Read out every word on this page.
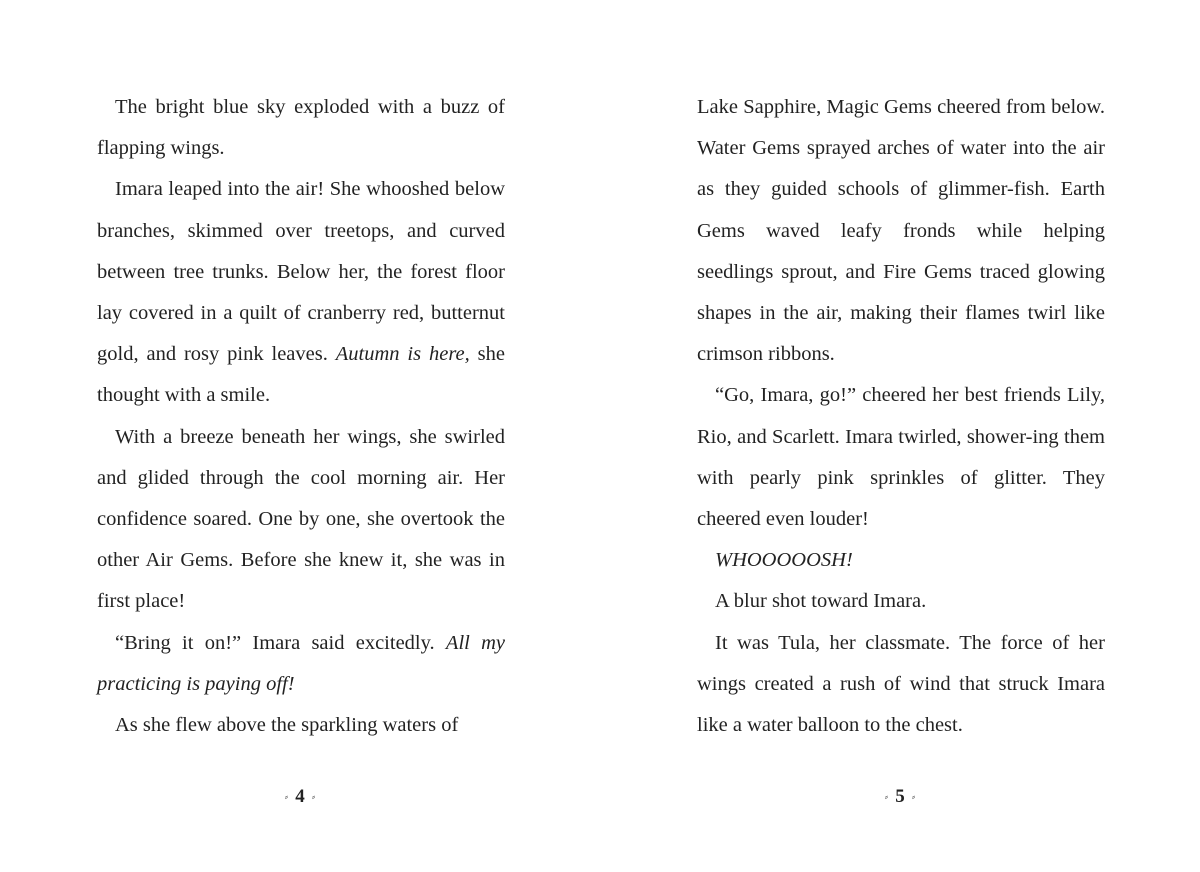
The bright blue sky exploded with a buzz of flapping wings.

Imara leaped into the air! She whooshed below branches, skimmed over treetops, and curved between tree trunks. Below her, the forest floor lay covered in a quilt of cranberry red, butternut gold, and rosy pink leaves. Autumn is here, she thought with a smile.

With a breeze beneath her wings, she swirled and glided through the cool morning air. Her confidence soared. One by one, she overtook the other Air Gems. Before she knew it, she was in first place!

“Bring it on!” Imara said excitedly. All my practicing is paying off!

As she flew above the sparkling waters of

Lake Sapphire, Magic Gems cheered from below. Water Gems sprayed arches of water into the air as they guided schools of glimmer-fish. Earth Gems waved leafy fronds while helping seedlings sprout, and Fire Gems traced glowing shapes in the air, making their flames twirl like crimson ribbons.

“Go, Imara, go!” cheered her best friends Lily, Rio, and Scarlett. Imara twirled, shower-ing them with pearly pink sprinkles of glitter. They cheered even louder!

WHOOOOOSH!

A blur shot toward Imara.

It was Tula, her classmate. The force of her wings created a rush of wind that struck Imara like a water balloon to the chest.

⸗ 4 ⸗	⸗ 5 ⸗
